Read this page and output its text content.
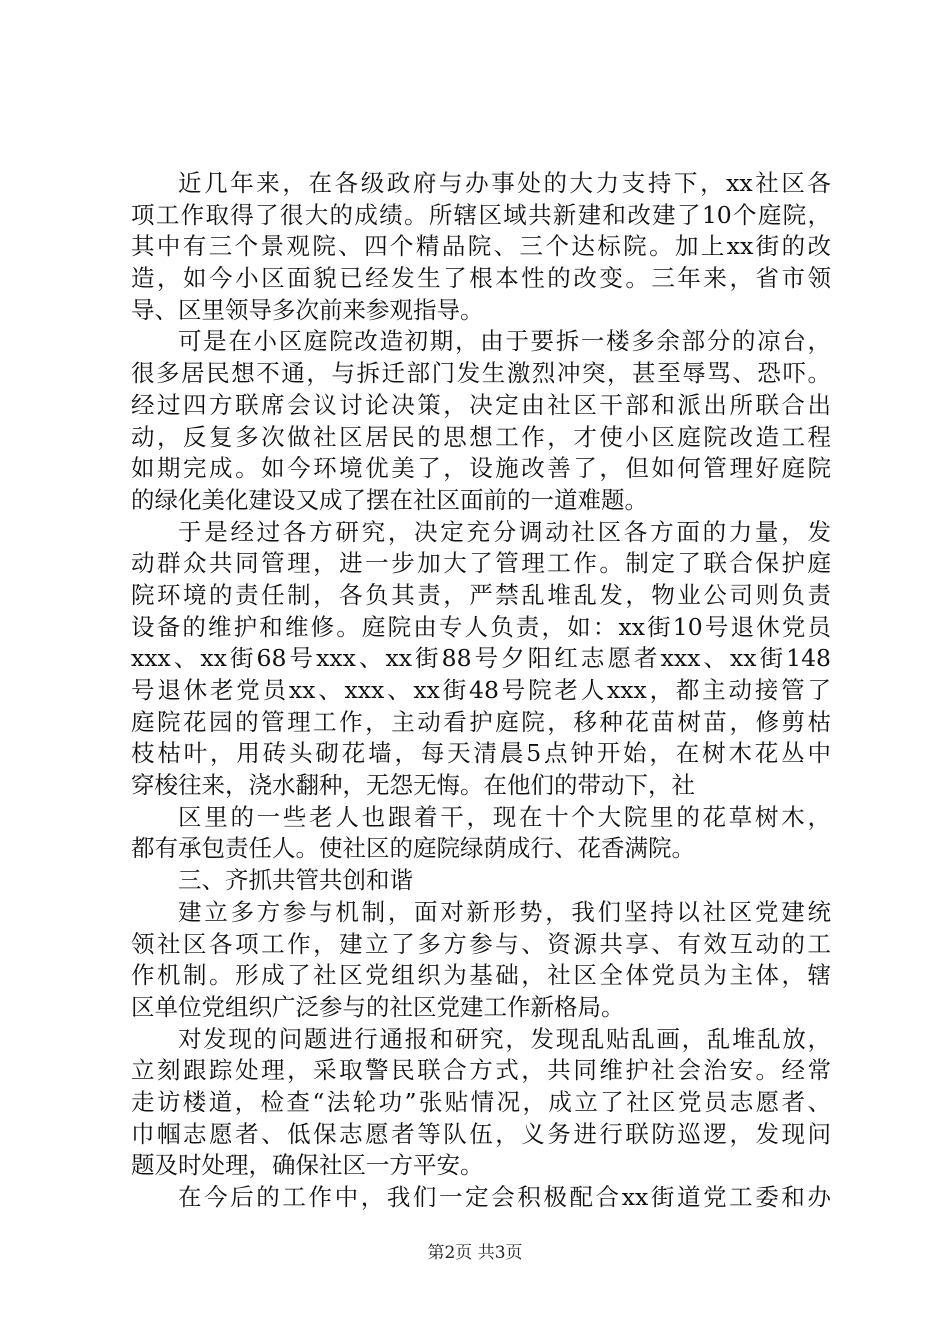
近几年来，在各级政府与办事处的大力支持下，xx社区各
项工作取得了很大的成绩。所辖区域共新建和改建了10个庭院，
其中有三个景观院、四个精品院、三个达标院。加上xx街的改
造，如今小区面貌已经发生了根本性的改变。三年来，省市领
导、区里领导多次前来参观指导。
可是在小区庭院改造初期，由于要拆一楼多余部分的凉台，
很多居民想不通，与拆迁部门发生激烈冲突，甚至辱骂、恐吓。
经过四方联席会议讨论决策，决定由社区干部和派出所联合出
动，反复多次做社区居民的思想工作，才使小区庭院改造工程
如期完成。如今环境优美了，设施改善了，但如何管理好庭院
的绿化美化建设又成了摆在社区面前的一道难题。
于是经过各方研究，决定充分调动社区各方面的力量，发
动群众共同管理，进一步加大了管理工作。制定了联合保护庭
院环境的责任制，各负其责，严禁乱堆乱发，物业公司则负责
设备的维护和维修。庭院由专人负责，如：xx街10号退休党员
xxx、xx街68号xxx、xx街88号夕阳红志愿者xxx、xx街148
号退休老党员xx、xxx、xx街48号院老人xxx，都主动接管了
庭院花园的管理工作，主动看护庭院，移种花苗树苗，修剪枯
枝枯叶，用砖头砌花墙，每天清晨5点钟开始，在树木花丛中
穿梭往来，浇水翻种，无怨无悔。在他们的带动下，社
区里的一些老人也跟着干，现在十个大院里的花草树木，
都有承包责任人。使社区的庭院绿荫成行、花香满院。
三、齐抓共管共创和谐
建立多方参与机制，面对新形势，我们坚持以社区党建统
领社区各项工作，建立了多方参与、资源共享、有效互动的工
作机制。形成了社区党组织为基础，社区全体党员为主体，辖
区单位党组织广泛参与的社区党建工作新格局。
对发现的问题进行通报和研究，发现乱贴乱画，乱堆乱放，
立刻跟踪处理，采取警民联合方式，共同维护社会治安。经常
走访楼道，检查“法轮功”张贴情况，成立了社区党员志愿者、
巾帼志愿者、低保志愿者等队伍，义务进行联防巡逻，发现问
题及时处理，确保社区一方平安。
在今后的工作中，我们一定会积极配合xx街道党工委和办
第2页 共3页
